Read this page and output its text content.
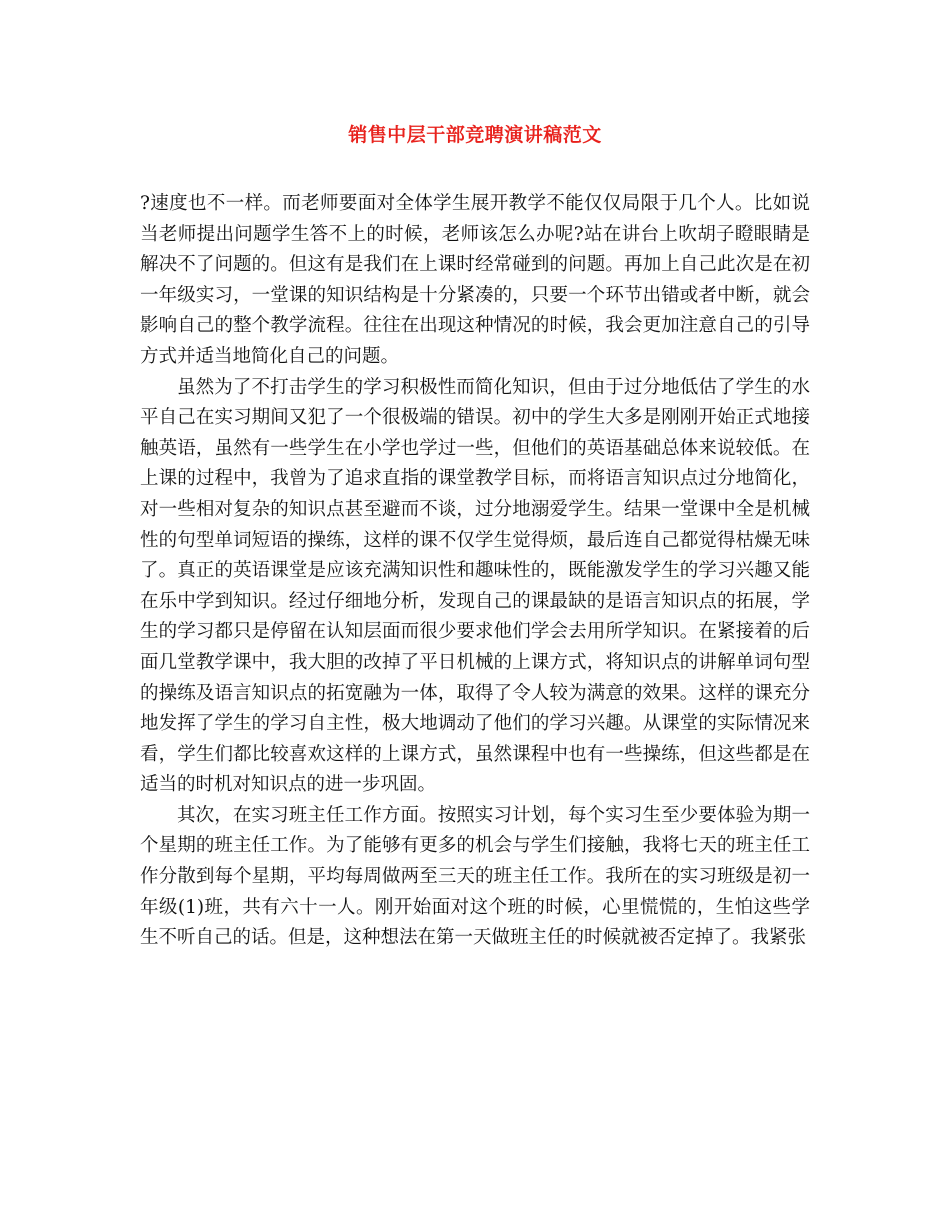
销售中层干部竞聘演讲稿范文

?速度也不一样。而老师要面对全体学生展开教学不能仅仅局限于几个人。比如说当老师提出问题学生答不上的时候，老师该怎么办呢?站在讲台上吹胡子瞪眼睛是解决不了问题的。但这有是我们在上课时经常碰到的问题。再加上自己此次是在初一年级实习，一堂课的知识结构是十分紧凑的，只要一个环节出错或者中断，就会影响自己的整个教学流程。往往在出现这种情况的时候，我会更加注意自己的引导方式并适当地简化自己的问题。

虽然为了不打击学生的学习积极性而简化知识，但由于过分地低估了学生的水平自己在实习期间又犯了一个很极端的错误。初中的学生大多是刚刚开始正式地接触英语，虽然有一些学生在小学也学过一些，但他们的英语基础总体来说较低。在上课的过程中，我曾为了追求直指的课堂教学目标，而将语言知识点过分地简化，对一些相对复杂的知识点甚至避而不谈，过分地溺爱学生。结果一堂课中全是机械性的句型单词短语的操练，这样的课不仅学生觉得烦，最后连自己都觉得枯燥无味了。真正的英语课堂是应该充满知识性和趣味性的，既能激发学生的学习兴趣又能在乐中学到知识。经过仔细地分析，发现自己的课最缺的是语言知识点的拓展，学生的学习都只是停留在认知层面而很少要求他们学会去用所学知识。在紧接着的后面几堂教学课中，我大胆的改掉了平日机械的上课方式，将知识点的讲解单词句型的操练及语言知识点的拓宽融为一体，取得了令人较为满意的效果。这样的课充分地发挥了学生的学习自主性，极大地调动了他们的学习兴趣。从课堂的实际情况来看，学生们都比较喜欢这样的上课方式，虽然课程中也有一些操练，但这些都是在适当的时机对知识点的进一步巩固。

其次，在实习班主任工作方面。按照实习计划，每个实习生至少要体验为期一个星期的班主任工作。为了能够有更多的机会与学生们接触，我将七天的班主任工作分散到每个星期，平均每周做两至三天的班主任工作。我所在的实习班级是初一年级(1)班，共有六十一人。刚开始面对这个班的时候，心里慌慌的，生怕这些学生不听自己的话。但是，这种想法在第一天做班主任的时候就被否定掉了。我紧张
